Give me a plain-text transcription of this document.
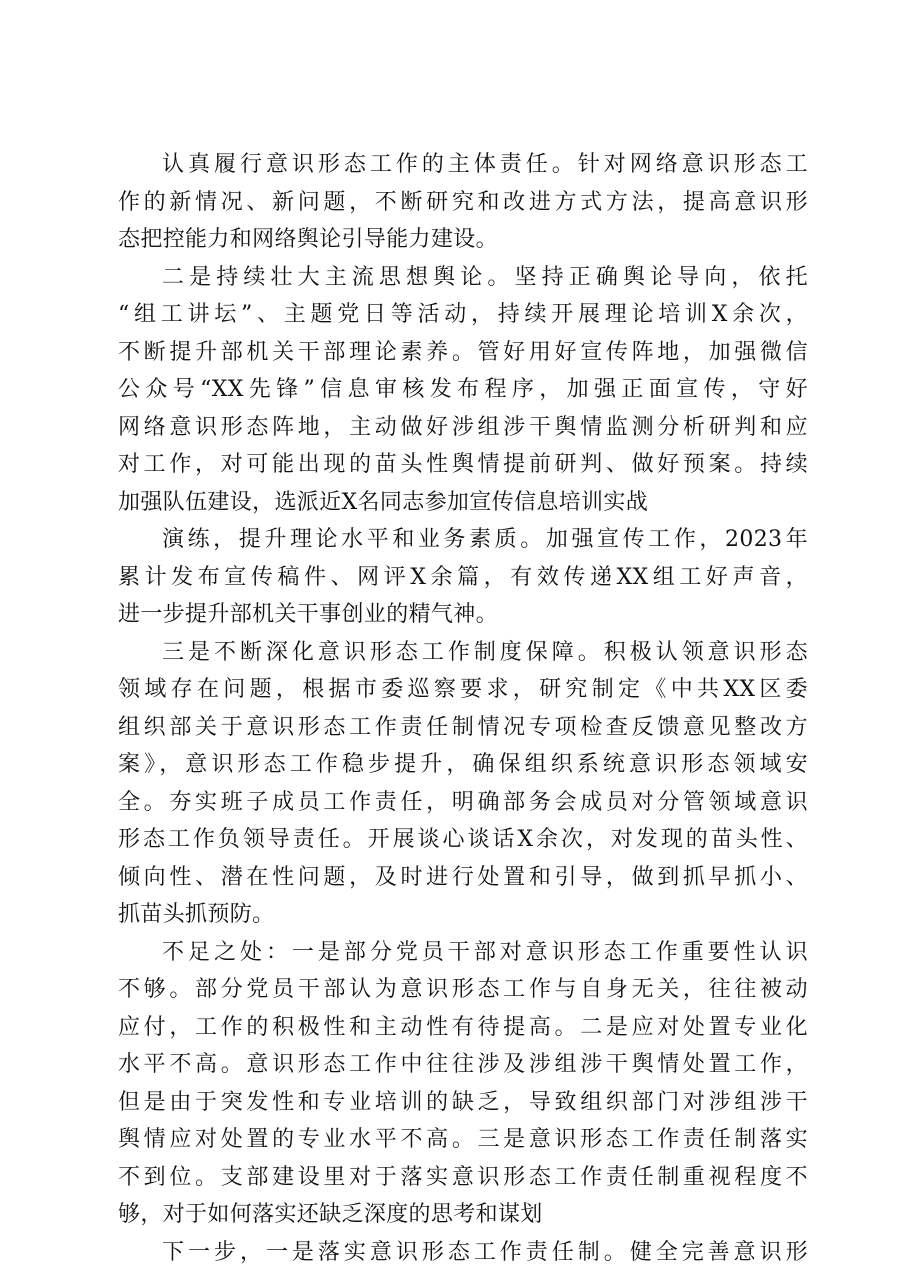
认真履行意识形态工作的主体责任。针对网络意识形态工
作的新情况、新问题，不断研究和改进方式方法，提高意识形
态把控能力和网络舆论引导能力建设。
二是持续壮大主流思想舆论。坚持正确舆论导向，依托
“组工讲坛”、主题党日等活动，持续开展理论培训X余次，
不断提升部机关干部理论素养。管好用好宣传阵地，加强微信
公众号“XX先锋”信息审核发布程序，加强正面宣传，守好
网络意识形态阵地，主动做好涉组涉干舆情监测分析研判和应
对工作，对可能出现的苗头性舆情提前研判、做好预案。持续
加强队伍建设，选派近X名同志参加宣传信息培训实战
演练，提升理论水平和业务素质。加强宣传工作，2023年
累计发布宣传稿件、网评X余篇，有效传递XX组工好声音，
进一步提升部机关干事创业的精气神。
三是不断深化意识形态工作制度保障。积极认领意识形态
领域存在问题，根据市委巡察要求，研究制定《中共XX区委
组织部关于意识形态工作责任制情况专项检查反馈意见整改方
案》，意识形态工作稳步提升，确保组织系统意识形态领域安
全。夯实班子成员工作责任，明确部务会成员对分管领域意识
形态工作负领导责任。开展谈心谈话X余次，对发现的苗头性、
倾向性、潜在性问题，及时进行处置和引导，做到抓早抓小、
抓苗头抓预防。
不足之处：一是部分党员干部对意识形态工作重要性认识
不够。部分党员干部认为意识形态工作与自身无关，往往被动
应付，工作的积极性和主动性有待提高。二是应对处置专业化
水平不高。意识形态工作中往往涉及涉组涉干舆情处置工作，
但是由于突发性和专业培训的缺乏，导致组织部门对涉组涉干
舆情应对处置的专业水平不高。三是意识形态工作责任制落实
不到位。支部建设里对于落实意识形态工作责任制重视程度不
够，对于如何落实还缺乏深度的思考和谋划
下一步，一是落实意识形态工作责任制。健全完善意识形
